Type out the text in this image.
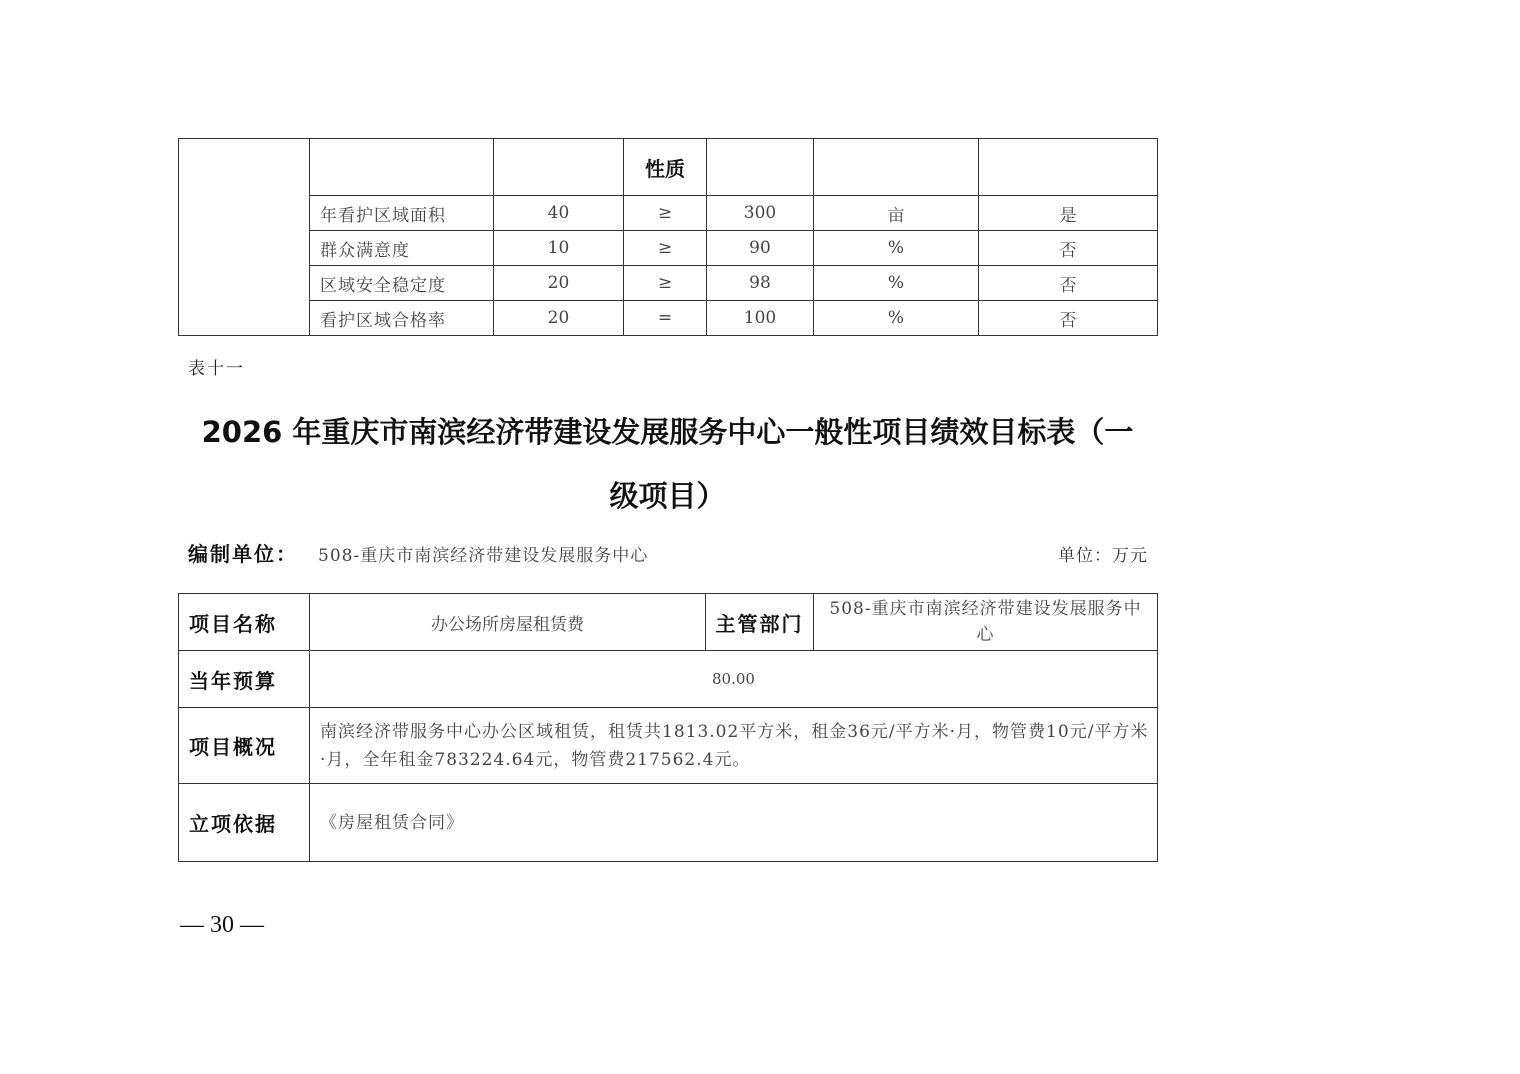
			性质			
	年看护区域面积	40	≥	300	亩	是
	群众满意度	10	≥	90	%	否
	区域安全稳定度	20	≥	98	%	否
	看护区域合格率	20	=	100	%	否
表十一
2026 年重庆市南滨经济带建设发展服务中心一般性项目绩效目标表（一
级项目）
编制单位： 508-重庆市南滨经济带建设发展服务中心	单位：万元
项目名称	办公场所房屋租赁费	主管部门	508-重庆市南滨经济带建设发展服务中心
当年预算	80.00		
项目概况	南滨经济带服务中心办公区域租赁，租赁共1813.02平方米，租金36元/平方米·月，物管费10元/平方米·月，全年租金783224.64元，物管费217562.4元。		
立项依据	《房屋租赁合同》		
— 30 —
